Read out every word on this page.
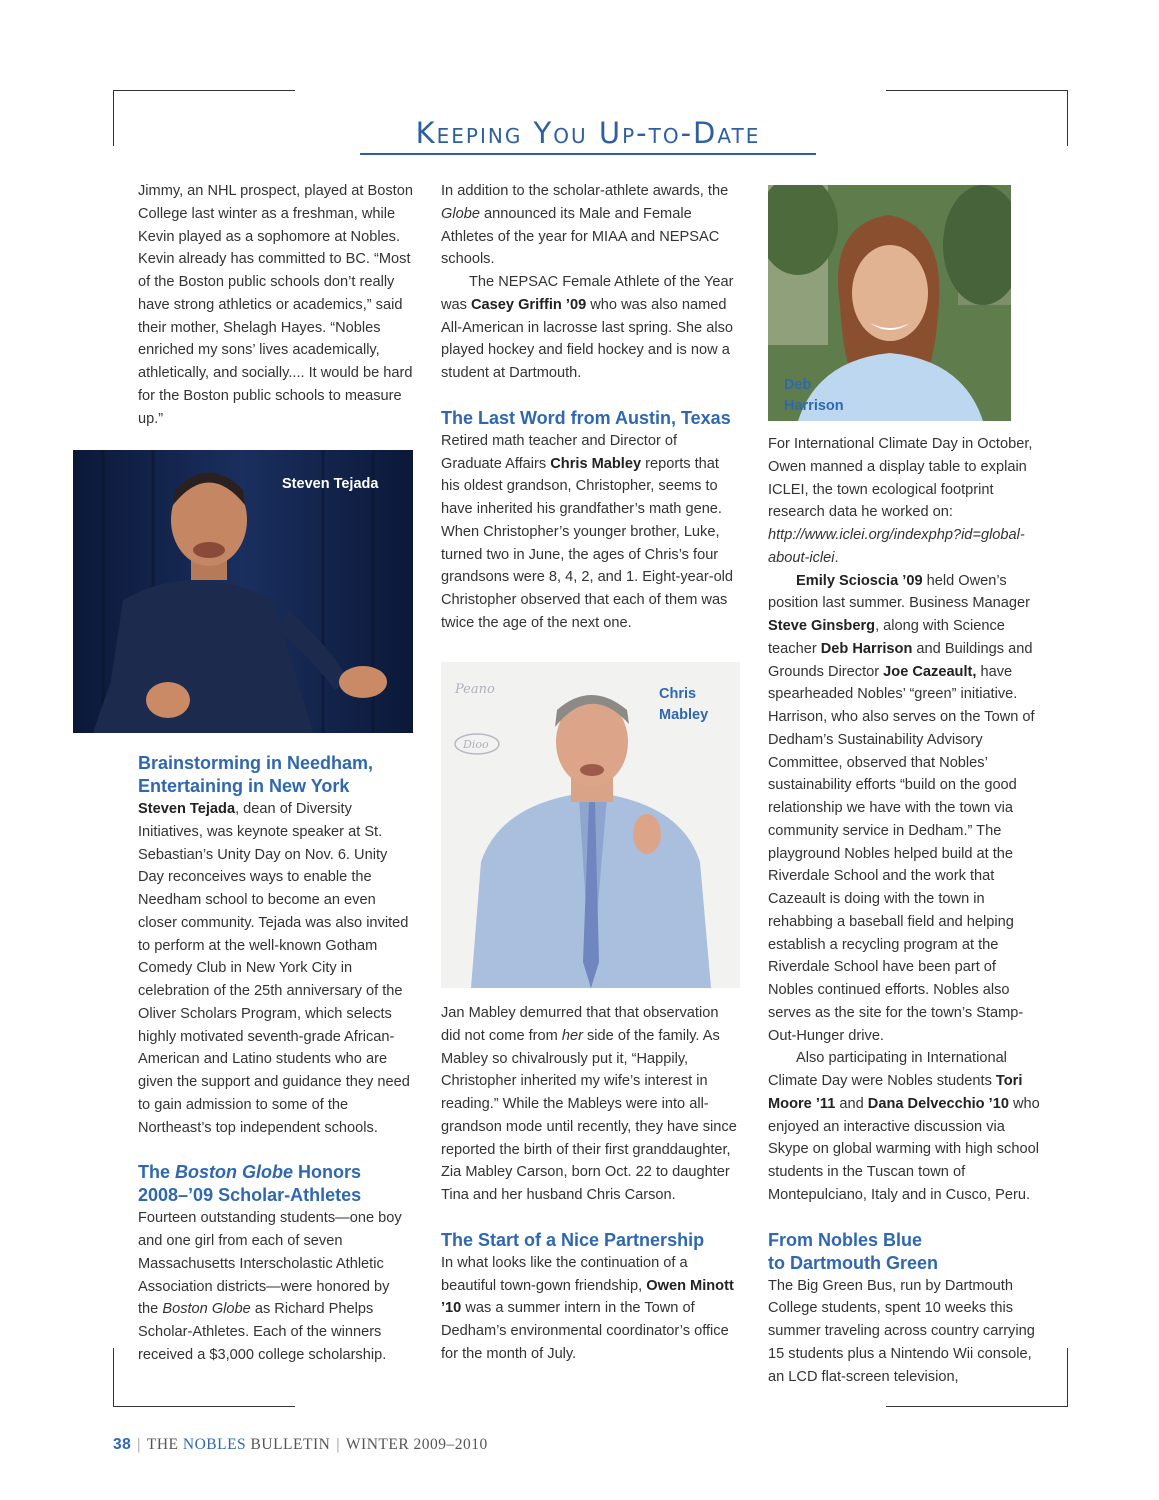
Keeping You Up-to-Date

Jimmy, an NHL prospect, played at Boston College last winter as a freshman, while Kevin played as a sophomore at Nobles. Kevin already has committed to BC. “Most of the Boston public schools don’t really have strong athletics or academics,” said their mother, Shelagh Hayes. “Nobles enriched my sons’ lives academically, athletically, and socially.... It would be hard for the Boston public schools to measure up.”

Steven Tejada

Brainstorming in Needham, Entertaining in New York

Steven Tejada, dean of Diversity Initiatives, was keynote speaker at St. Sebastian’s Unity Day on Nov. 6. Unity Day reconceives ways to enable the Needham school to become an even closer community. Tejada was also invited to perform at the well-known Gotham Comedy Club in New York City in celebration of the 25th anniversary of the Oliver Scholars Program, which selects highly motivated seventh-grade African-American and Latino students who are given the support and guidance they need to gain admission to some of the Northeast’s top independent schools.

The Boston Globe Honors 2008–’09 Scholar-Athletes

Fourteen outstanding students—one boy and one girl from each of seven Massachusetts Interscholastic Athletic Association districts—were honored by the Boston Globe as Richard Phelps Scholar-Athletes. Each of the winners received a $3,000 college scholarship.

In addition to the scholar-athlete awards, the Globe announced its Male and Female Athletes of the year for MIAA and NEPSAC schools.

The NEPSAC Female Athlete of the Year was Casey Griffin ’09 who was also named All-American in lacrosse last spring. She also played hockey and field hockey and is now a student at Dartmouth.

The Last Word from Austin, Texas

Retired math teacher and Director of Graduate Affairs Chris Mabley reports that his oldest grandson, Christopher, seems to have inherited his grandfather’s math gene. When Christopher’s younger brother, Luke, turned two in June, the ages of Chris’s four grandsons were 8, 4, 2, and 1. Eight-year-old Christopher observed that each of them was twice the age of the next one.

Peano
Dioo
Chris
Mabley

Jan Mabley demurred that that observation did not come from her side of the family. As Mabley so chivalrously put it, “Happily, Christopher inherited my wife’s interest in reading.” While the Mableys were into all-grandson mode until recently, they have since reported the birth of their first granddaughter, Zia Mabley Carson, born Oct. 22 to daughter Tina and her husband Chris Carson.

The Start of a Nice Partnership

In what looks like the continuation of a beautiful town-gown friendship, Owen Minott ’10 was a summer intern in the Town of Dedham’s environmental coordinator’s office for the month of July.

Deb
Harrison

For International Climate Day in October, Owen manned a display table to explain ICLEI, the town ecological footprint research data he worked on: http://www.iclei.org/indexphp?id=global-about-iclei.

Emily Scioscia ’09 held Owen’s position last summer. Business Manager Steve Ginsberg, along with Science teacher Deb Harrison and Buildings and Grounds Director Joe Cazeault, have spearheaded Nobles’ “green” initiative. Harrison, who also serves on the Town of Dedham’s Sustainability Advisory Committee, observed that Nobles’ sustainability efforts “build on the good relationship we have with the town via community service in Dedham.” The playground Nobles helped build at the Riverdale School and the work that Cazeault is doing with the town in rehabbing a baseball field and helping establish a recycling program at the Riverdale School have been part of Nobles continued efforts. Nobles also serves as the site for the town’s Stamp-Out-Hunger drive.

Also participating in International Climate Day were Nobles students Tori Moore ’11 and Dana Delvecchio ’10 who enjoyed an interactive discussion via Skype on global warming with high school students in the Tuscan town of Montepulciano, Italy and in Cusco, Peru.

From Nobles Blue
to Dartmouth Green

The Big Green Bus, run by Dartmouth College students, spent 10 weeks this summer traveling across country carrying 15 students plus a Nintendo Wii console, an LCD flat-screen television,

38 | THE NOBLES BULLETIN | WINTER 2009–2010
